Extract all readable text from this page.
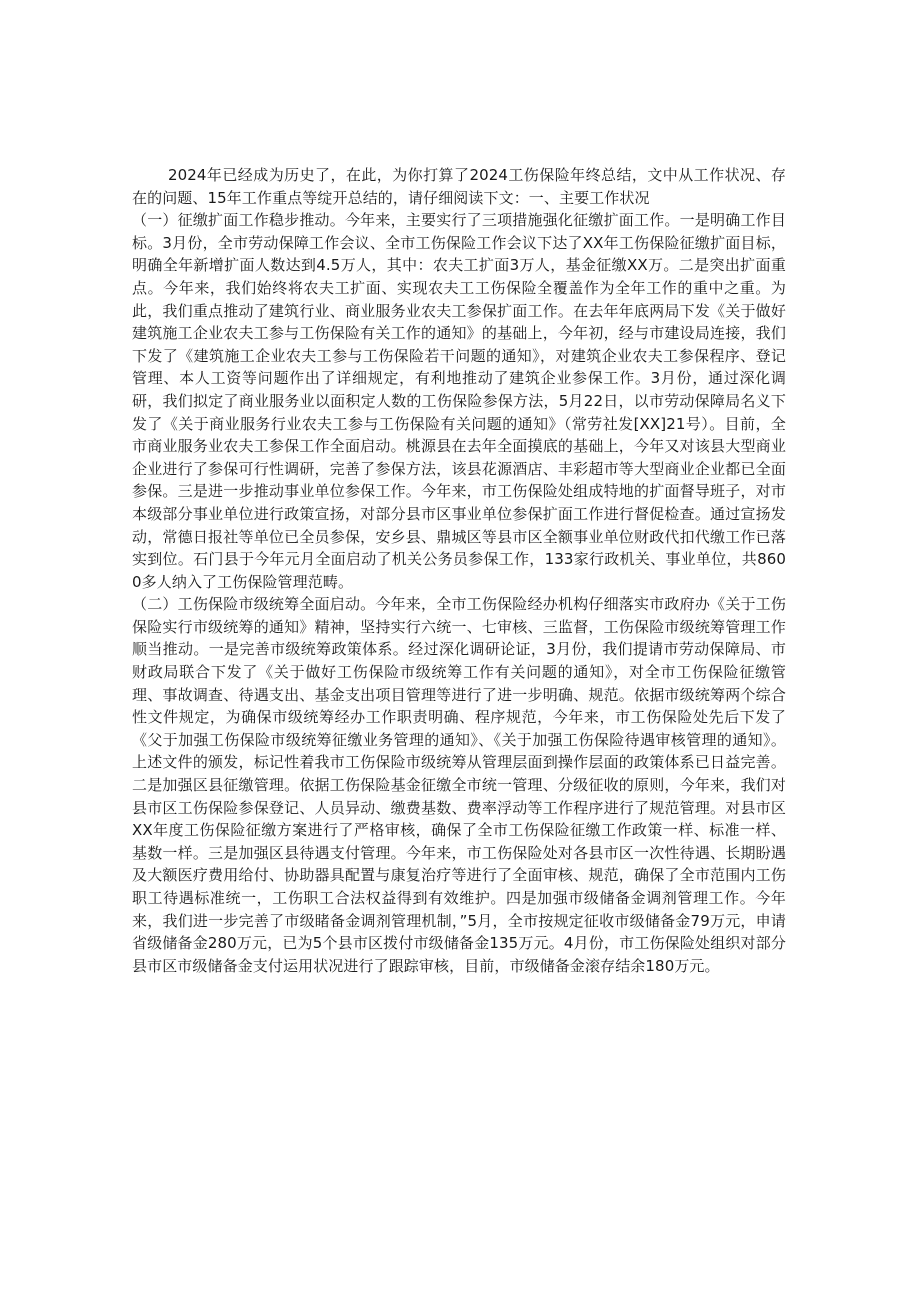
2024年已经成为历史了，在此，为你打算了2024工伤保险年终总结，文中从工作状况、存在的问题、15年工作重点等绽开总结的，请仔细阅读下文：一、主要工作状况

（一）征缴扩面工作稳步推动。今年来，主要实行了三项措施强化征缴扩面工作。一是明确工作目标。3月份，全市劳动保障工作会议、全市工伤保险工作会议下达了XX年工伤保险征缴扩面目标，明确全年新增扩面人数达到4.5万人，其中：农夫工扩面3万人，基金征缴XX万。二是突出扩面重点。今年来，我们始终将农夫工扩面、实现农夫工工伤保险全覆盖作为全年工作的重中之重。为此，我们重点推动了建筑行业、商业服务业农夫工参保扩面工作。在去年年底两局下发《关于做好建筑施工企业农夫工参与工伤保险有关工作的通知》的基础上，今年初，经与市建设局连接，我们下发了《建筑施工企业农夫工参与工伤保险若干问题的通知》，对建筑企业农夫工参保程序、登记管理、本人工资等问题作出了详细规定，有利地推动了建筑企业参保工作。3月份，通过深化调研，我们拟定了商业服务业以面积定人数的工伤保险参保方法，5月22日，以市劳动保障局名义下发了《关于商业服务行业农夫工参与工伤保险有关问题的通知》（常劳社发[XX]21号）。目前，全市商业服务业农夫工参保工作全面启动。桃源县在去年全面摸底的基础上，今年又对该县大型商业企业进行了参保可行性调研，完善了参保方法，该县花源酒店、丰彩超市等大型商业企业都已全面参保。三是进一步推动事业单位参保工作。今年来，市工伤保险处组成特地的扩面督导班子，对市本级部分事业单位进行政策宣扬，对部分县市区事业单位参保扩面工作进行督促检查。通过宣扬发动，常德日报社等单位已全员参保，安乡县、鼎城区等县市区全额事业单位财政代扣代缴工作已落实到位。石门县于今年元月全面启动了机关公务员参保工作，133家行政机关、事业单位，共8600多人纳入了工伤保险管理范畴。

（二）工伤保险市级统筹全面启动。今年来，全市工伤保险经办机构仔细落实市政府办《关于工伤保险实行市级统筹的通知》精神，坚持实行六统一、七审核、三监督，工伤保险市级统筹管理工作顺当推动。一是完善市级统筹政策体系。经过深化调研论证，3月份，我们提请市劳动保障局、市财政局联合下发了《关于做好工伤保险市级统筹工作有关问题的通知》，对全市工伤保险征缴管理、事故调查、待遇支出、基金支出项目管理等进行了进一步明确、规范。依据市级统筹两个综合性文件规定，为确保市级统筹经办工作职责明确、程序规范，今年来，市工伤保险处先后下发了《父于加强工伤保险市级统筹征缴业务管理的通知》、《关于加强工伤保险待遇审核管理的通知》。上述文件的颁发，标记性着我市工伤保险市级统筹从管理层面到操作层面的政策体系已日益完善。二是加强区县征缴管理。依据工伤保险基金征缴全市统一管理、分级征收的原则，今年来，我们对县市区工伤保险参保登记、人员异动、缴费基数、费率浮动等工作程序进行了规范管理。对县市区XX年度工伤保险征缴方案进行了严格审核，确保了全市工伤保险征缴工作政策一样、标准一样、基数一样。三是加强区县待遇支付管理。今年来，市工伤保险处对各县市区一次性待遇、长期盼遇及大额医疗费用给付、协助器具配置与康复治疗等进行了全面审核、规范，确保了全市范围内工伤职工待遇标准统一，工伤职工合法权益得到有效维护。四是加强市级储备金调剂管理工作。今年来，我们进一步完善了市级睹备金调剂管理机制，”5月，全市按规定征收市级储备金79万元，申请省级储备金280万元，已为5个县市区拨付市级储备金135万元。4月份，市工伤保险处组织对部分县市区市级储备金支付运用状况进行了跟踪审核，目前，市级储备金滚存结余180万元。
